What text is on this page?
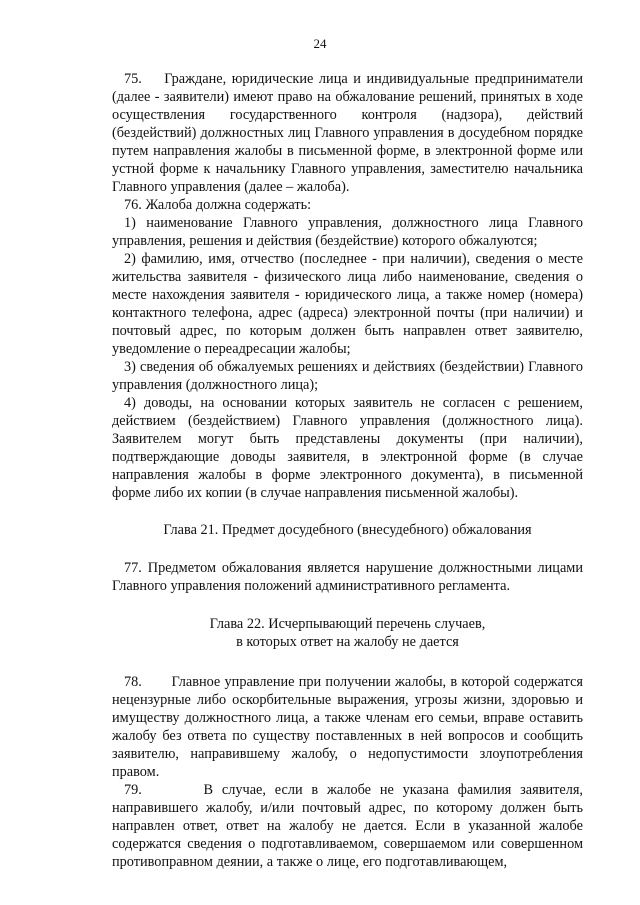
24

75.    Граждане, юридические лица и индивидуальные предприниматели (далее - заявители) имеют право на обжалование решений, принятых в ходе осуществления государственного контроля (надзора), действий (бездействий) должностных лиц Главного управления в досудебном порядке путем направления жалобы в письменной форме, в электронной форме или устной форме к начальнику Главного управления, заместителю начальника Главного управления (далее – жалоба).

76. Жалоба должна содержать:

1) наименование Главного управления, должностного лица Главного управления, решения и действия (бездействие) которого обжалуются;

2) фамилию, имя, отчество (последнее - при наличии), сведения о месте жительства заявителя - физического лица либо наименование, сведения о месте нахождения заявителя - юридического лица, а также номер (номера) контактного телефона, адрес (адреса) электронной почты (при наличии) и почтовый адрес, по которым должен быть направлен ответ заявителю, уведомление о переадресации жалобы;

3) сведения об обжалуемых решениях и действиях (бездействии) Главного управления (должностного лица);

4) доводы, на основании которых заявитель не согласен с решением, действием (бездействием) Главного управления (должностного лица). Заявителем могут быть представлены документы (при наличии), подтверждающие доводы заявителя, в электронной форме (в случае направления жалобы в форме электронного документа), в письменной форме либо их копии (в случае направления письменной жалобы).

Глава 21. Предмет досудебного (внесудебного) обжалования

77. Предметом обжалования является нарушение должностными лицами Главного управления положений административного регламента.

Глава 22. Исчерпывающий перечень случаев,
в которых ответ на жалобу не дается

78.       Главное управление при получении жалобы, в которой содержатся нецензурные либо оскорбительные выражения, угрозы жизни, здоровью и имуществу должностного лица, а также членам его семьи, вправе оставить жалобу без ответа по существу поставленных в ней вопросов и сообщить заявителю, направившему жалобу, о недопустимости злоупотребления правом.

79.       В случае, если в жалобе не указана фамилия заявителя, направившего жалобу, и/или почтовый адрес, по которому должен быть направлен ответ, ответ на жалобу не дается. Если в указанной жалобе содержатся сведения о подготавливаемом, совершаемом или совершенном противоправном деянии, а также о лице, его подготавливающем,
